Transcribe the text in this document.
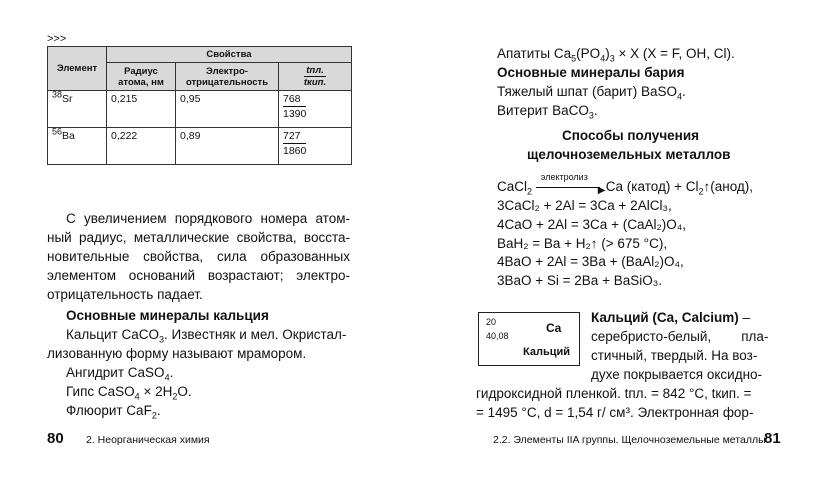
>>>
Элемент	Свойства		
	Радиус атома, нм	Электро-отрицательность	$\frac{\text{tпл.}}{\text{tкип.}}$

$^{38}$Sr	0,215	0,95	$\frac{768}{1390}$

$^{56}$Ba	0,222	0,89	$\frac{727}{1860}$
С увеличением порядкового номера атом-
ный радиус, металлические свойства, восста-
новительные свойства, сила образованных
элементом оснований возрастают; электро-
отрицательность падает.
Основные минералы кальция
Кальцит CaCO$_3$. Известняк и мел. Окристал-
лизованную форму называют мрамором.
Ангидрит CaSO$_4$.
Гипс CaSO$_4$ × $2H_2O$.
Флюорит CaF$_2$.
80 2. Неорганическая химия
Апатиты $Ca_5(PO_4)_3 \times X$ (X = F, OH, Cl).
Основные минералы бария
Тяжелый шпат (барит) BaSO$_4$.
Витерит BaCO$_3$.
Способы получения
щелочноземельных металлов
CaCl$_2$
электролиз
▶ Ca (катод) + $Cl_2↑(анод)$,
3CaCl₂ + 2Al = 3Ca + 2AlCl₃,
4CaO + 2Al = 3Ca + (CaAl₂)O₄,
BaH₂ = Ba + H₂↑ (> 675 °C),
4BaO + 2Al = 3Ba + (BaAl₂)O₄,
3BaO + Si = 2Ba + BaSiO₃.
20
40,08
Ca
Кальций
Кальций (Ca, Calcium) –
серебристо-белый,        пла-
стичный, твердый. На воз-
духе покрывается оксидно-
гидроксидной пленкой. tпл. = 842 °C, tкип. =
= 1495 °C, d = 1,54 г/ см³. Электронная фор-
2.2. Элементы IIA группы. Щелочноземельные металлы
81
